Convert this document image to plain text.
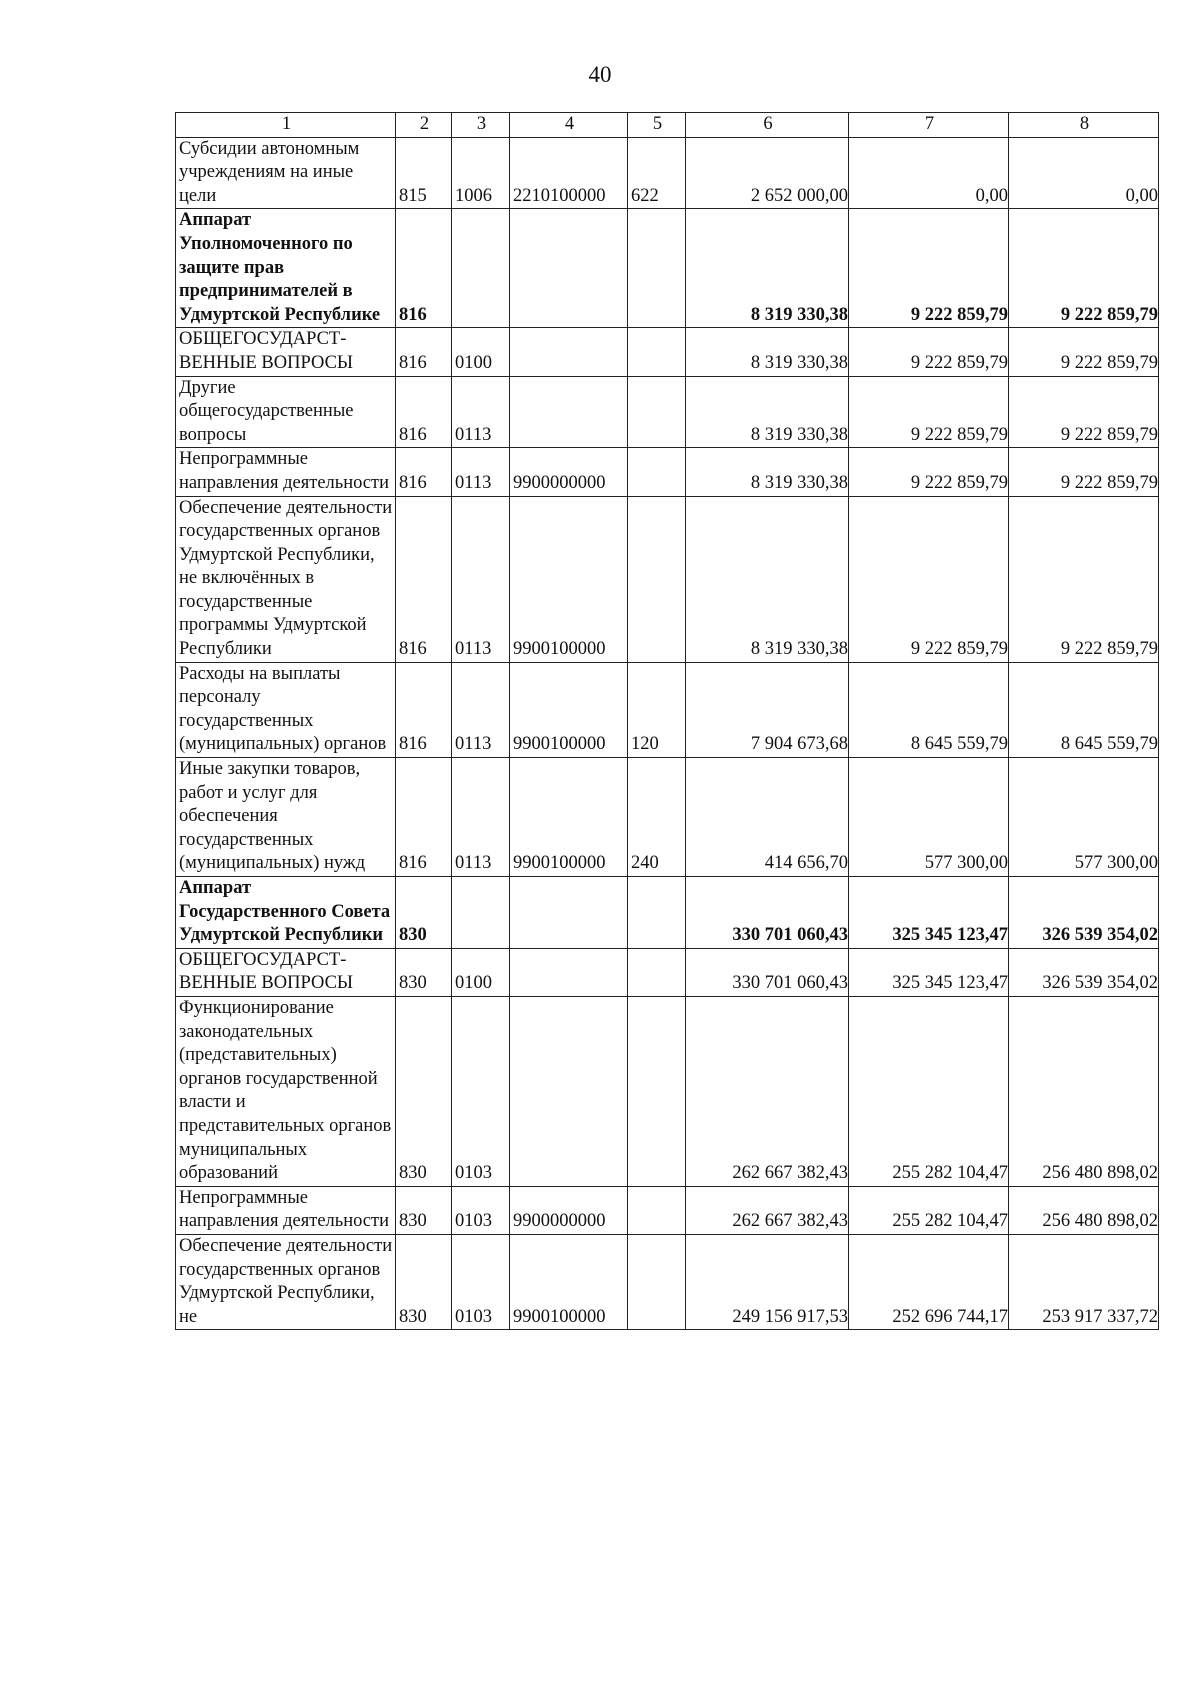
40
1	2	3	4	5	6	7	8
Субсидии автономным учреждениям на иные цели	815	1006	2210100000	622	2 652 000,00	0,00	0,00
Аппарат Уполномоченного по защите прав предпринимателей в Удмуртской Республике	816				8 319 330,38	9 222 859,79	9 222 859,79
ОБЩЕГОСУДАРСТ-ВЕННЫЕ ВОПРОСЫ	816	0100			8 319 330,38	9 222 859,79	9 222 859,79
Другие общегосударственные вопросы	816	0113			8 319 330,38	9 222 859,79	9 222 859,79
Непрограммные направления деятельности	816	0113	9900000000		8 319 330,38	9 222 859,79	9 222 859,79
Обеспечение деятельности государственных органов Удмуртской Республики, не включённых в государственные программы Удмуртской Республики	816	0113	9900100000		8 319 330,38	9 222 859,79	9 222 859,79
Расходы на выплаты персоналу государственных (муниципальных) органов	816	0113	9900100000	120	7 904 673,68	8 645 559,79	8 645 559,79
Иные закупки товаров, работ и услуг для обеспечения государственных (муниципальных) нужд	816	0113	9900100000	240	414 656,70	577 300,00	577 300,00
Аппарат Государственного Совета Удмуртской Республики	830				330 701 060,43	325 345 123,47	326 539 354,02
ОБЩЕГОСУДАРСТ-ВЕННЫЕ ВОПРОСЫ	830	0100			330 701 060,43	325 345 123,47	326 539 354,02
Функционирование законодательных (представительных) органов государственной власти и представительных органов муниципальных образований	830	0103			262 667 382,43	255 282 104,47	256 480 898,02
Непрограммные направления деятельности	830	0103	9900000000		262 667 382,43	255 282 104,47	256 480 898,02
Обеспечение деятельности государственных органов Удмуртской Республики, не	830	0103	9900100000		249 156 917,53	252 696 744,17	253 917 337,72
